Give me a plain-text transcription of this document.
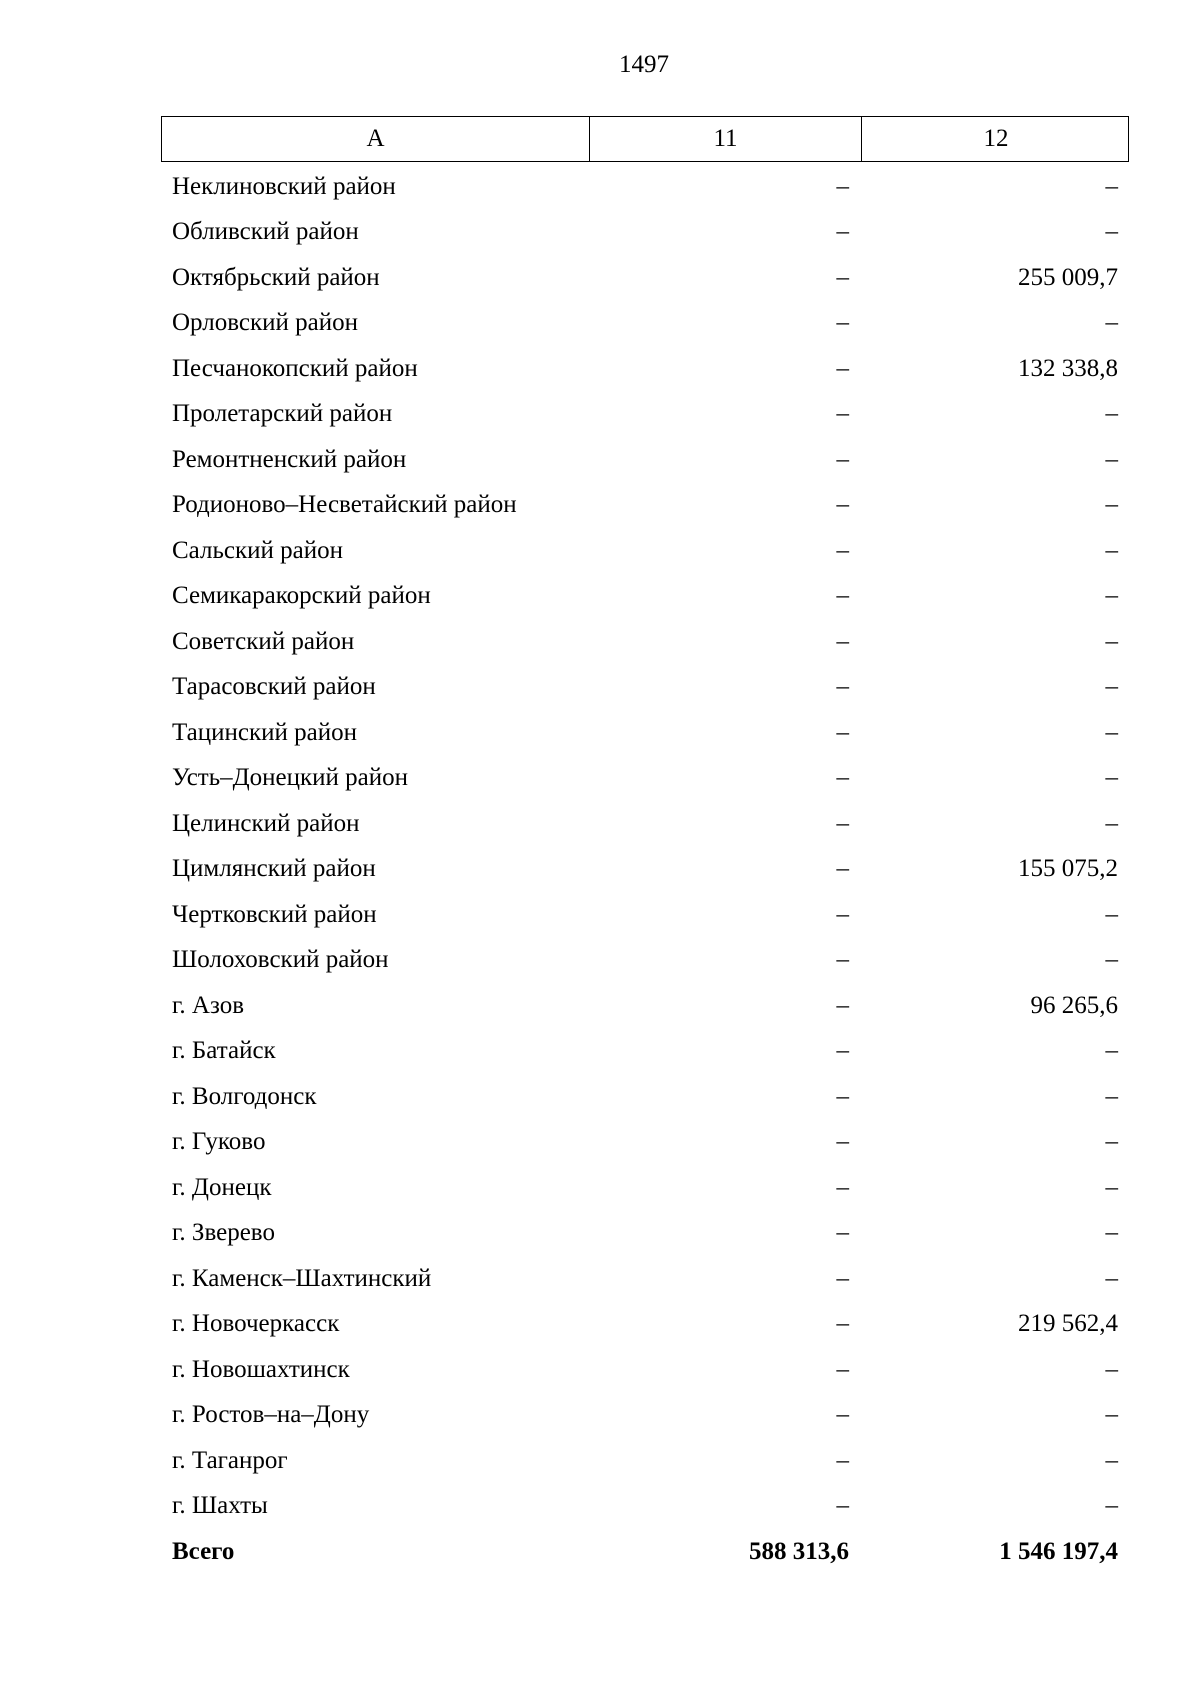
1497
A	11	12
Неклиновский район	–	–
Обливский район	–	–
Октябрьский район	–	255 009,7
Орловский район	–	–
Песчанокопский район	–	132 338,8
Пролетарский район	–	–
Ремонтненский район	–	–
Родионово–Несветайский район	–	–
Сальский район	–	–
Семикаракорский район	–	–
Советский район	–	–
Тарасовский район	–	–
Тацинский район	–	–
Усть–Донецкий район	–	–
Целинский район	–	–
Цимлянский район	–	155 075,2
Чертковский район	–	–
Шолоховский район	–	–
г. Азов	–	96 265,6
г. Батайск	–	–
г. Волгодонск	–	–
г. Гуково	–	–
г. Донецк	–	–
г. Зверево	–	–
г. Каменск–Шахтинский	–	–
г. Новочеркасск	–	219 562,4
г. Новошахтинск	–	–
г. Ростов–на–Дону	–	–
г. Таганрог	–	–
г. Шахты	–	–
Всего	588 313,6	1 546 197,4
